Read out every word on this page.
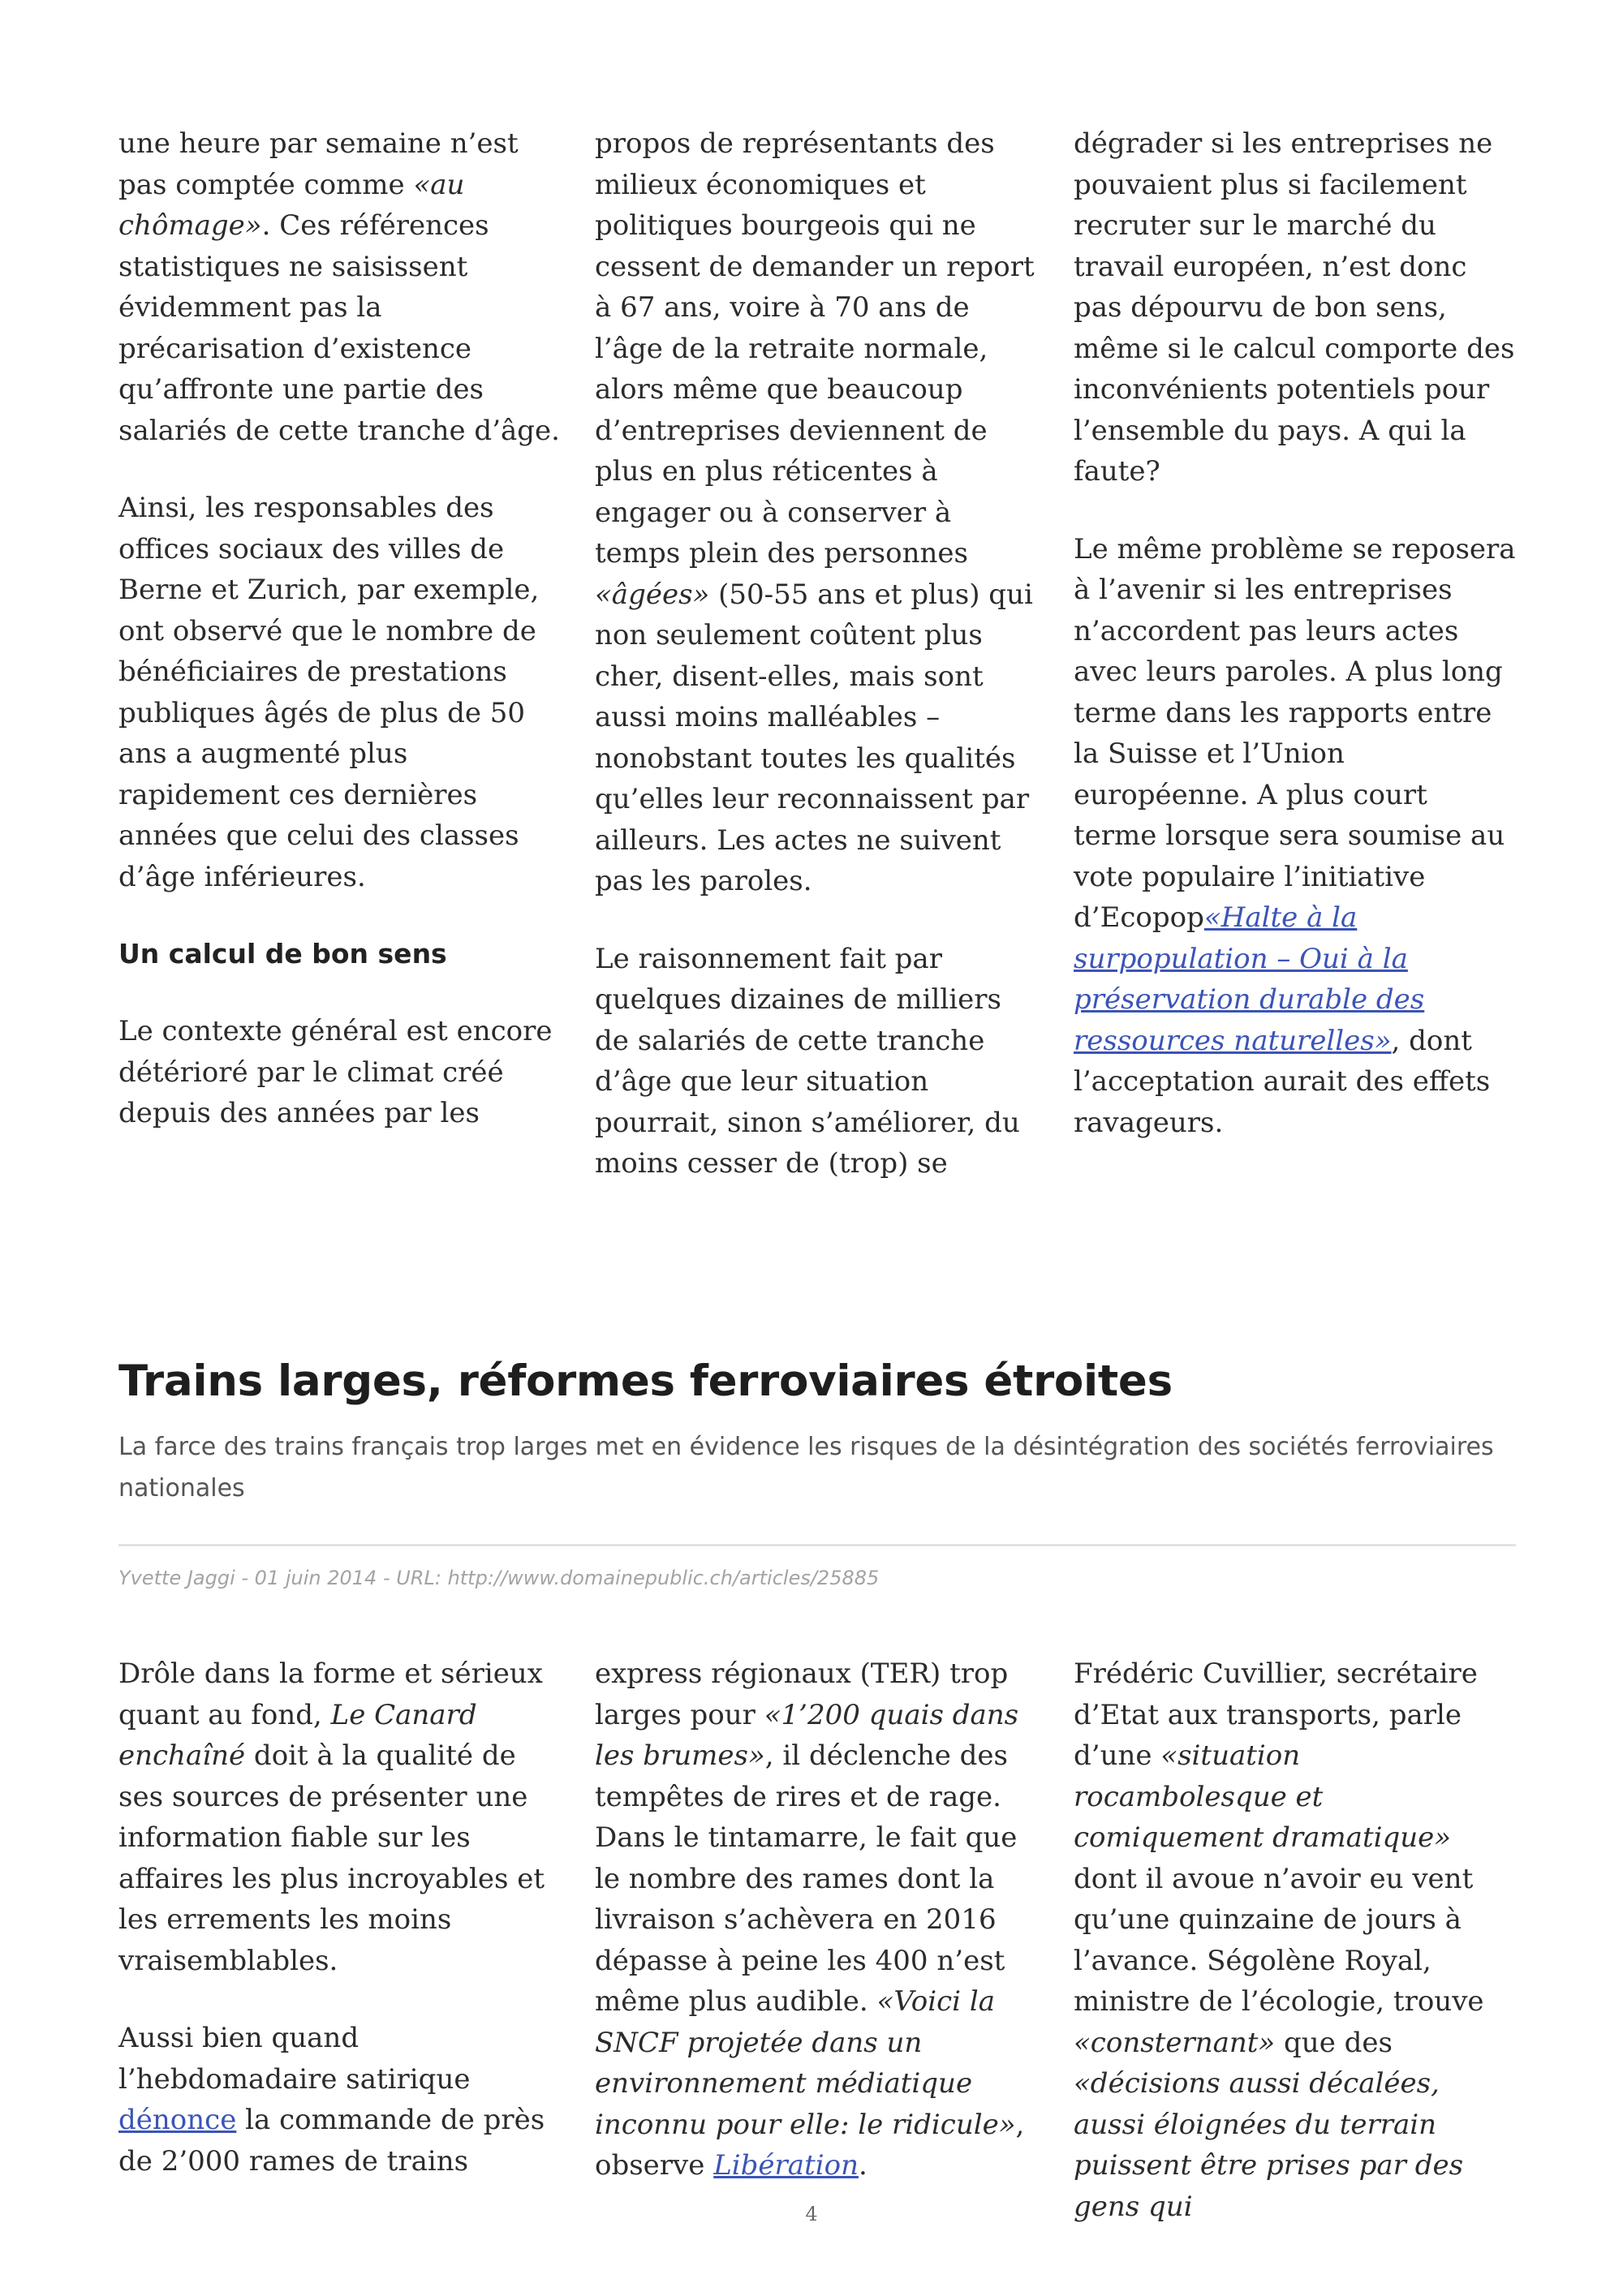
une heure par semaine n’est pas comptée comme «au chômage». Ces références statistiques ne saisissent évidemment pas la précarisation d’existence qu’affronte une partie des salariés de cette tranche d’âge.

Ainsi, les responsables des offices sociaux des villes de Berne et Zurich, par exemple, ont observé que le nombre de bénéficiaires de prestations publiques âgés de plus de 50 ans a augmenté plus rapidement ces dernières années que celui des classes d’âge inférieures.

Un calcul de bon sens

Le contexte général est encore détérioré par le climat créé depuis des années par les

propos de représentants des milieux économiques et politiques bourgeois qui ne cessent de demander un report à 67 ans, voire à 70 ans de l’âge de la retraite normale, alors même que beaucoup d’entreprises deviennent de plus en plus réticentes à engager ou à conserver à temps plein des personnes «âgées» (50-55 ans et plus) qui non seulement coûtent plus cher, disent-elles, mais sont aussi moins malléables – nonobstant toutes les qualités qu’elles leur reconnaissent par ailleurs. Les actes ne suivent pas les paroles.

Le raisonnement fait par quelques dizaines de milliers de salariés de cette tranche d’âge que leur situation pourrait, sinon s’améliorer, du moins cesser de (trop) se

dégrader si les entreprises ne pouvaient plus si facilement recruter sur le marché du travail européen, n’est donc pas dépourvu de bon sens, même si le calcul comporte des inconvénients potentiels pour l’ensemble du pays. A qui la faute?

Le même problème se reposera à l’avenir si les entreprises n’accordent pas leurs actes avec leurs paroles. A plus long terme dans les rapports entre la Suisse et l’Union européenne. A plus court terme lorsque sera soumise au vote populaire l’initiative d’Ecopop«Halte à la surpopulation – Oui à la préservation durable des ressources naturelles», dont l’acceptation aurait des effets ravageurs.

Trains larges, réformes ferroviaires étroites

La farce des trains français trop larges met en évidence les risques de la désintégration des sociétés ferroviaires nationales

Yvette Jaggi - 01 juin 2014 - URL: http://www.domainepublic.ch/articles/25885

Drôle dans la forme et sérieux quant au fond, Le Canard enchaîné doit à la qualité de ses sources de présenter une information fiable sur les affaires les plus incroyables et les errements les moins vraisemblables.

Aussi bien quand l’hebdomadaire satirique dénonce la commande de près de 2’000 rames de trains

express régionaux (TER) trop larges pour «1’200 quais dans les brumes», il déclenche des tempêtes de rires et de rage. Dans le tintamarre, le fait que le nombre des rames dont la livraison s’achèvera en 2016 dépasse à peine les 400 n’est même plus audible. «Voici la SNCF projetée dans un environnement médiatique inconnu pour elle: le ridicule», observe Libération.

Frédéric Cuvillier, secrétaire d’Etat aux transports, parle d’une «situation rocambolesque et comiquement dramatique» dont il avoue n’avoir eu vent qu’une quinzaine de jours à l’avance. Ségolène Royal, ministre de l’écologie, trouve «consternant» que des «décisions aussi décalées, aussi éloignées du terrain puissent être prises par des gens qui

4
